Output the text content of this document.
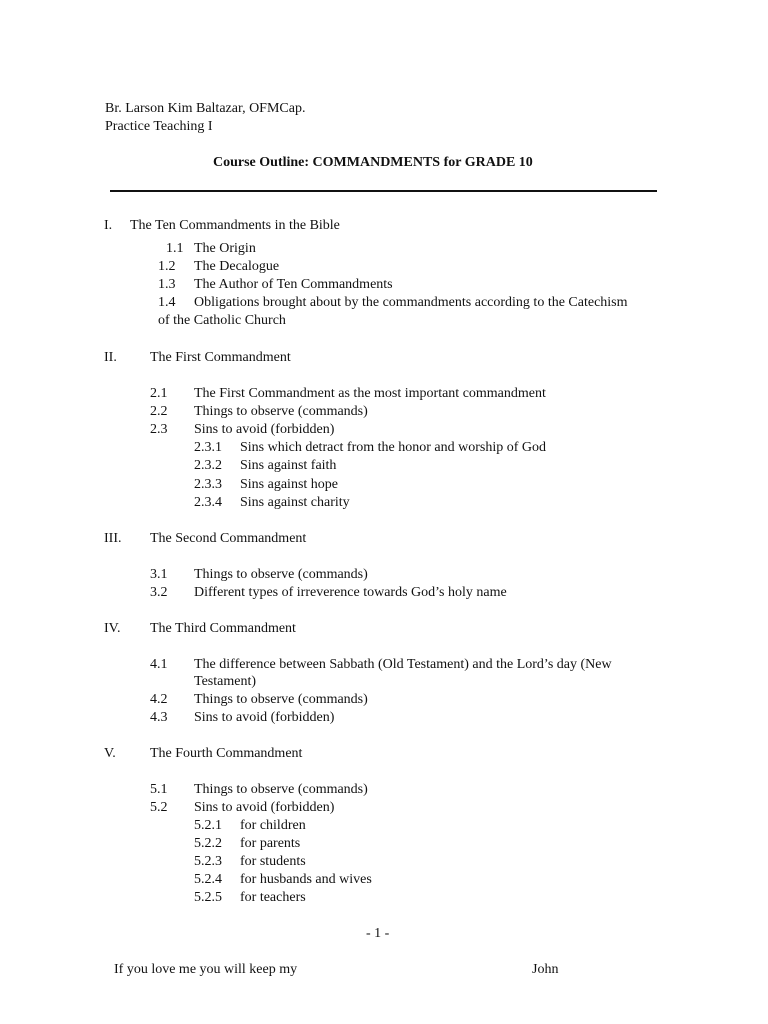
Br. Larson Kim Baltazar, OFMCap.
Practice Teaching I
Course Outline: COMMANDMENTS for GRADE 10
I. The Ten Commandments in the Bible
1.1 The Origin
1.2 The Decalogue
1.3 The Author of Ten Commandments
1.4 Obligations brought about by the commandments according to the Catechism
of the Catholic Church
II. The First Commandment
2.1 The First Commandment as the most important commandment
2.2 Things to observe (commands)
2.3 Sins to avoid (forbidden)
2.3.1 Sins which detract from the honor and worship of God
2.3.2 Sins against faith
2.3.3 Sins against hope
2.3.4 Sins against charity
III. The Second Commandment
3.1 Things to observe (commands)
3.2 Different types of irreverence towards God’s holy name
IV. The Third Commandment
4.1 The difference between Sabbath (Old Testament) and the Lord’s day (New
Testament)
4.2 Things to observe (commands)
4.3 Sins to avoid (forbidden)
V. The Fourth Commandment
5.1 Things to observe (commands)
5.2 Sins to avoid (forbidden)
5.2.1 for children
5.2.2 for parents
5.2.3 for students
5.2.4 for husbands and wives
5.2.5 for teachers
- 1 -
If you love me you will keep my	John
